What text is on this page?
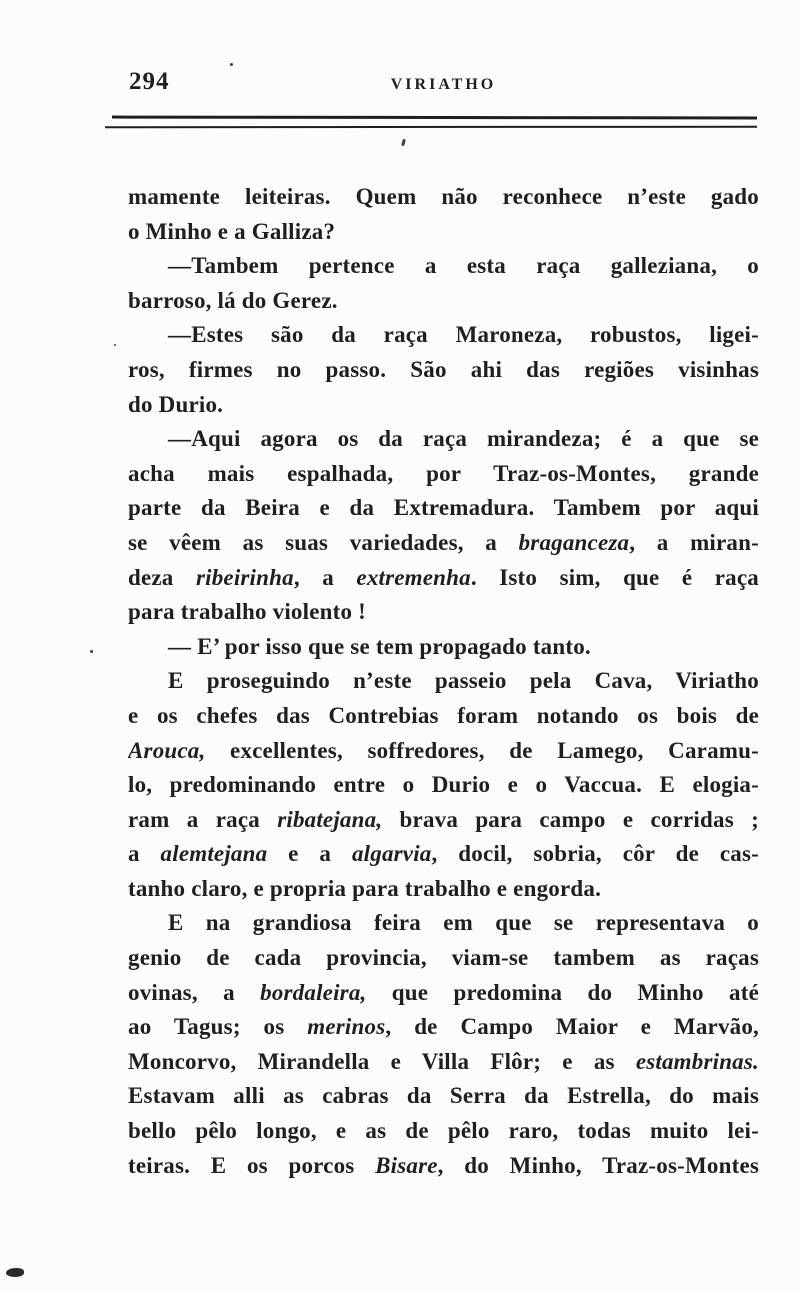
294	VIRIATHO
mamente leiteiras. Quem não reconhece n’este gado
o Minho e a Galliza?
—Tambem pertence a esta raça galleziana, o
barroso, lá do Gerez.
—Estes são da raça Maroneza, robustos, ligei-
ros, firmes no passo. São ahi das regiões visinhas
do Durio.
—Aqui agora os da raça mirandeza; é a que se
acha mais espalhada, por Traz-os-Montes, grande
parte da Beira e da Extremadura. Tambem por aqui
se vêem as suas variedades, a braganceza, a miran-
deza ribeirinha, a extremenha. Isto sim, que é raça
para trabalho violento !
— E’ por isso que se tem propagado tanto.
E proseguindo n’este passeio pela Cava, Viriatho
e os chefes das Contrebias foram notando os bois de
Arouca, excellentes, soffredores, de Lamego, Caramu-
lo, predominando entre o Durio e o Vaccua. E elogia-
ram a raça ribatejana, brava para campo e corridas ;
a alemtejana e a algarvia, docil, sobria, côr de cas-
tanho claro, e propria para trabalho e engorda.
E na grandiosa feira em que se representava o
genio de cada provincia, viam-se tambem as raças
ovinas, a bordaleira, que predomina do Minho até
ao Tagus; os merinos, de Campo Maior e Marvão,
Moncorvo, Mirandella e Villa Flôr; e as estambrinas.
Estavam alli as cabras da Serra da Estrella, do mais
bello pêlo longo, e as de pêlo raro, todas muito lei-
teiras. E os porcos Bisare, do Minho, Traz-os-Montes
